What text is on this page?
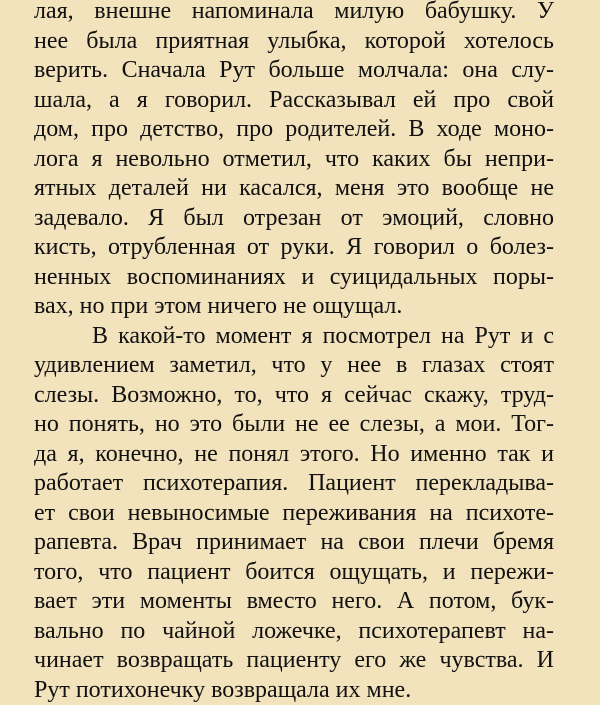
лая, внешне напоминала милую бабушку. У
нее была приятная улыбка, которой хотелось
верить. Сначала Рут больше молчала: она слу-
шала, а я говорил. Рассказывал ей про свой
дом, про детство, про родителей. В ходе моно-
лога я невольно отметил, что каких бы непри-
ятных деталей ни касался, меня это вообще не
задевало. Я был отрезан от эмоций, словно
кисть, отрубленная от руки. Я говорил о болез-
ненных воспоминаниях и суицидальных поры-
вах, но при этом ничего не ощущал.
В какой-то момент я посмотрел на Рут и с
удивлением заметил, что у нее в глазах стоят
слезы. Возможно, то, что я сейчас скажу, труд-
но понять, но это были не ее слезы, а мои. Тог-
да я, конечно, не понял этого. Но именно так и
работает психотерапия. Пациент перекладыва-
ет свои невыносимые переживания на психоте-
рапевта. Врач принимает на свои плечи бремя
того, что пациент боится ощущать, и пережи-
вает эти моменты вместо него. А потом, бук-
вально по чайной ложечке, психотерапевт на-
чинает возвращать пациенту его же чувства. И
Рут потихонечку возвращала их мне.
